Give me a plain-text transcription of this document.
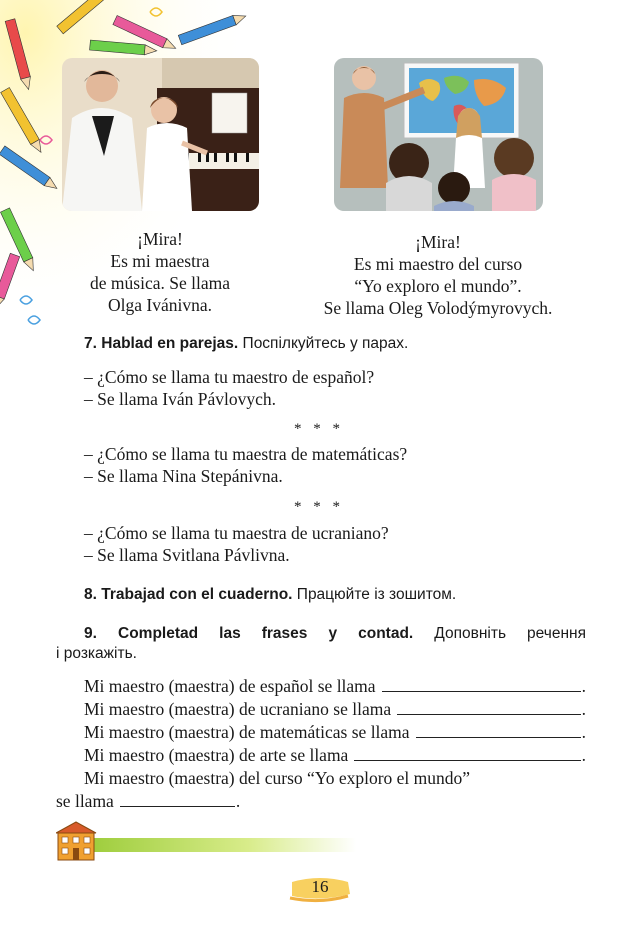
¡Mira!
Es mi maestra
de música. Se llama
Olga Ivánivna.
¡Mira!
Es mi maestro del curso
“Yo exploro el mundo”.
Se llama Oleg Volodýmyrovych.
7. Hablad en parejas. Поспілкуйтесь у парах.
– ¿Cómo se llama tu maestro de español?
– Se llama Iván Pávlovych.
* * *
– ¿Cómo se llama tu maestra de matemáticas?
– Se llama Nina Stepánivna.
* * *
– ¿Cómo se llama tu maestra de ucraniano?
– Se llama Svitlana Pávlivna.
8. Trabajad con el cuaderno. Працюйте із зошитом.
9. Completad las frases y contad. Доповніть речення
і розкажіть.
Mi maestro (maestra) de español se llama	.
Mi maestro (maestra) de ucraniano se llama	.
Mi maestro (maestra) de matemáticas se llama	.
Mi maestro (maestra) de arte se llama	.
Mi maestro (maestra) del curso “Yo exploro el mundo”
se llama	.
16
